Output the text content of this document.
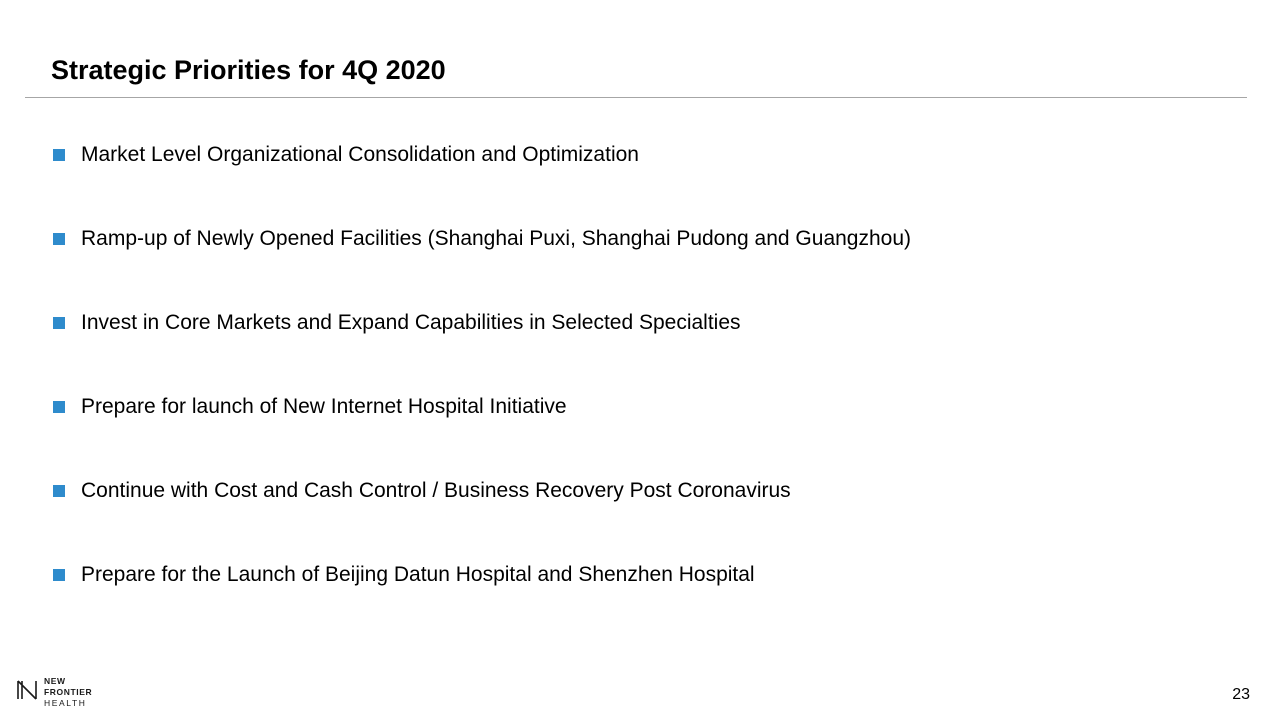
Strategic Priorities for 4Q 2020
Market Level Organizational Consolidation and Optimization
Ramp-up of Newly Opened Facilities (Shanghai Puxi, Shanghai Pudong and Guangzhou)
Invest in Core Markets and Expand Capabilities in Selected Specialties
Prepare for launch of New Internet Hospital Initiative
Continue with Cost and Cash Control / Business Recovery Post Coronavirus
Prepare for the Launch of Beijing Datun Hospital and Shenzhen Hospital
NEW
FRONTIER
HEALTH	23
